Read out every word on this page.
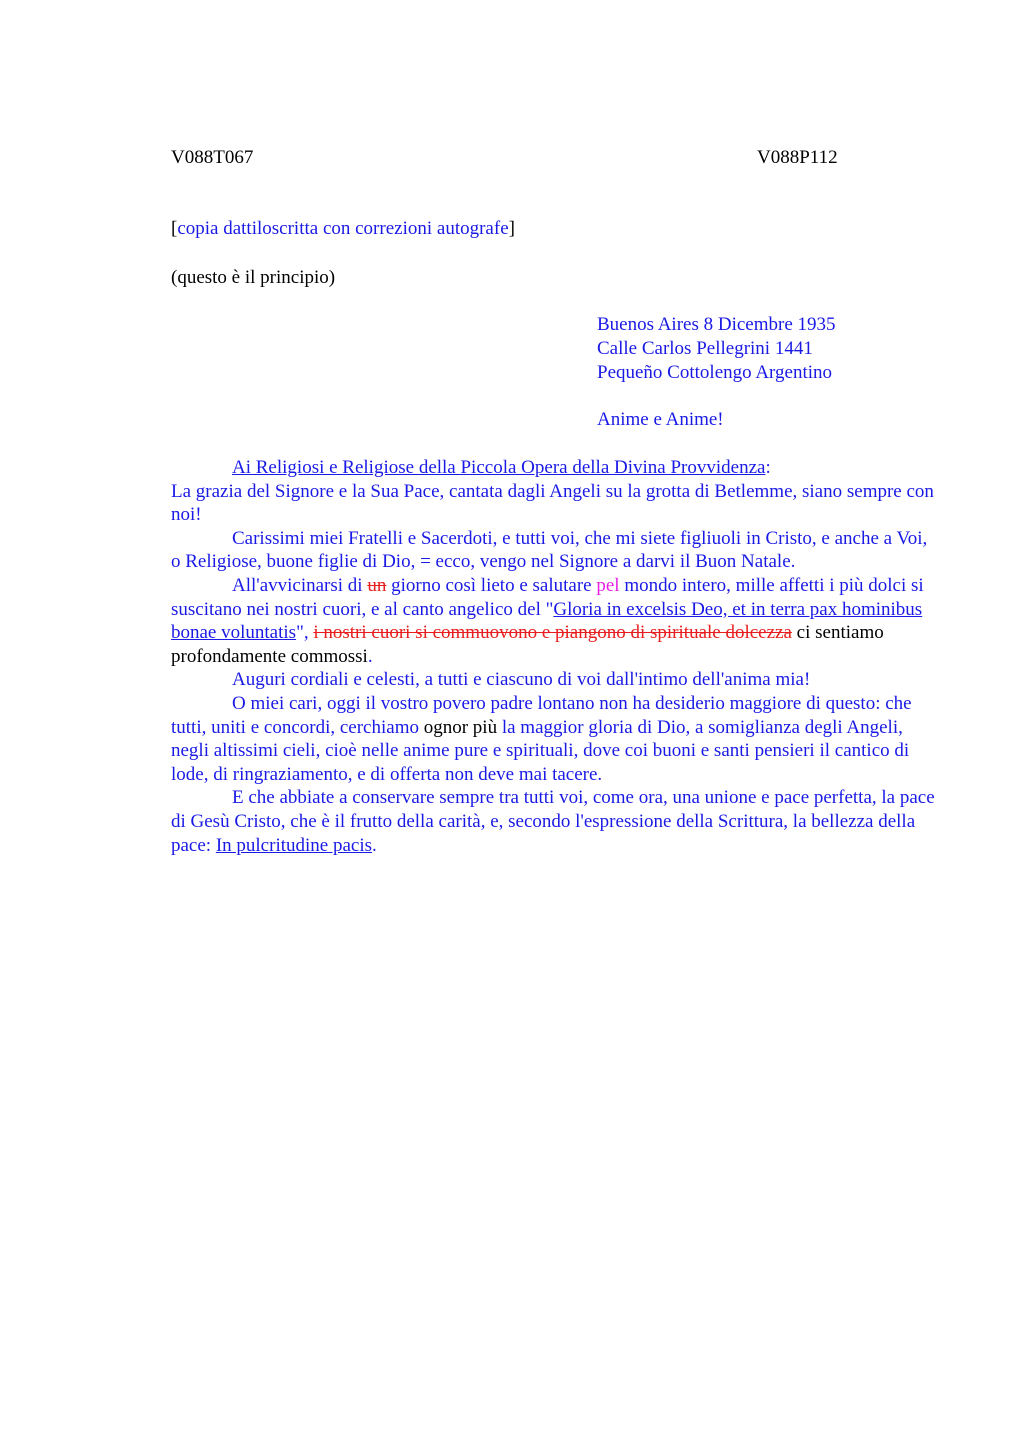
V088T067	V088P112
[copia dattiloscritta con correzioni autografe]
(questo è il principio)
Buenos Aires 8 Dicembre 1935
Calle Carlos Pellegrini 1441
Pequeño Cottolengo Argentino
Anime e Anime!

Ai Religiosi e Religiose della Piccola Opera della Divina Provvidenza:

La grazia del Signore e la Sua Pace, cantata dagli Angeli su la grotta di Betlemme, siano sempre con noi!

Carissimi miei Fratelli e Sacerdoti, e tutti voi, che mi siete figliuoli in Cristo, e anche a Voi, o Religiose, buone figlie di Dio, = ecco, vengo nel Signore a darvi il Buon Natale.

All'avvicinarsi di un giorno così lieto e salutare pel mondo intero, mille affetti i più dolci si suscitano nei nostri cuori, e al canto angelico del "Gloria in excelsis Deo, et in terra pax hominibus bonae voluntatis", i nostri cuori si commuovono e piangono di spirituale dolcezza ci sentiamo profondamente commossi.

Auguri cordiali e celesti, a tutti e ciascuno di voi dall'intimo dell'anima mia!

O miei cari, oggi il vostro povero padre lontano non ha desiderio maggiore di questo: che tutti, uniti e concordi, cerchiamo ognor più la maggior gloria di Dio, a somiglianza degli Angeli, negli altissimi cieli, cioè nelle anime pure e spirituali, dove coi buoni e santi pensieri il cantico di lode, di ringraziamento, e di offerta non deve mai tacere.

E che abbiate a conservare sempre tra tutti voi, come ora, una unione e pace perfetta, la pace di Gesù Cristo, che è il frutto della carità, e, secondo l'espressione della Scrittura, la bellezza della pace: In pulcritudine pacis.
